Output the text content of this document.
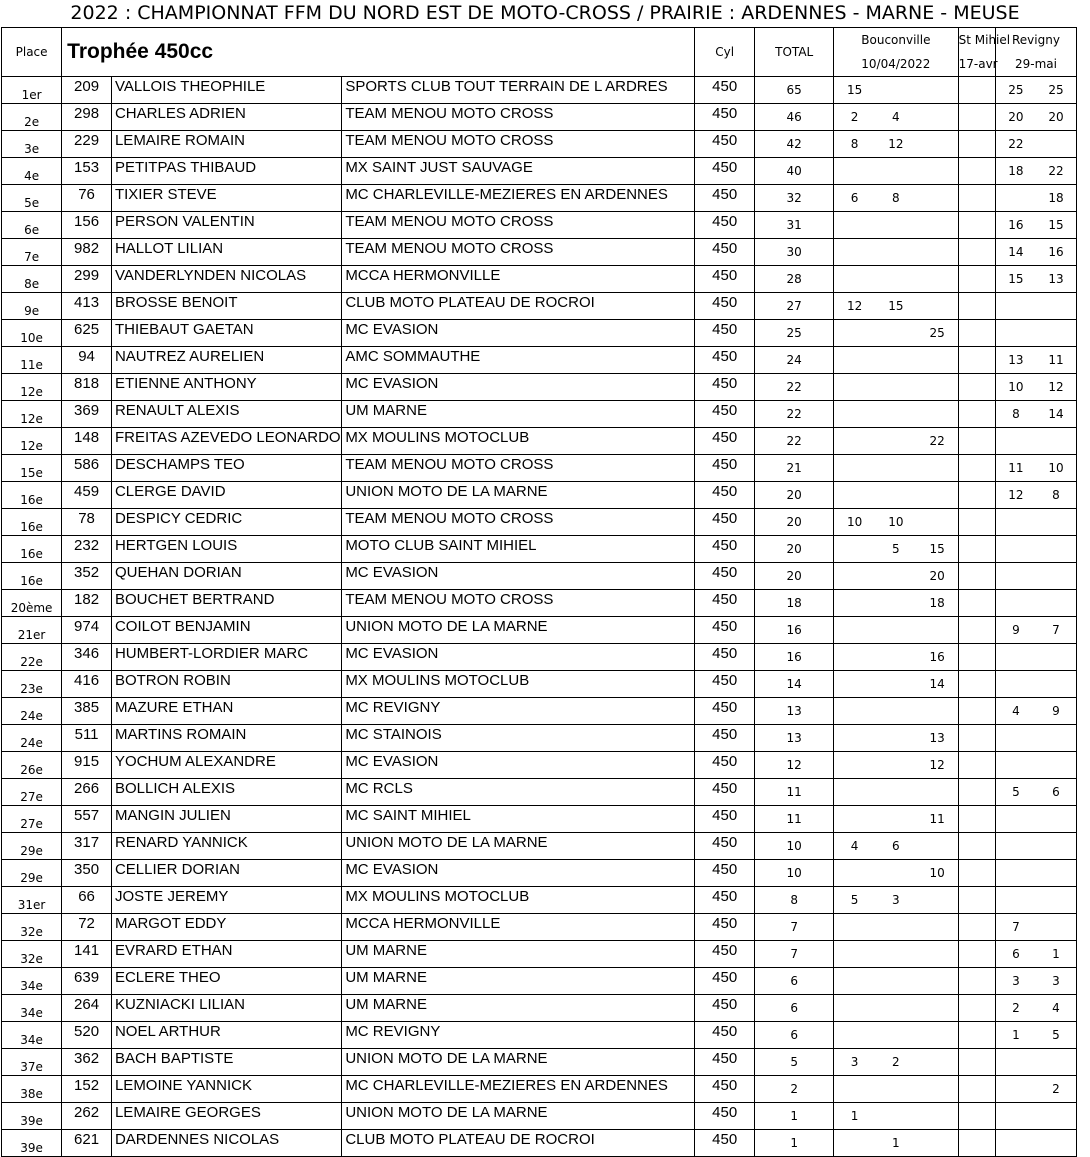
2022 : CHAMPIONNAT FFM DU NORD EST DE MOTO-CROSS / PRAIRIE : ARDENNES - MARNE - MEUSE
Place	Trophée 450cc			Cyl	TOTAL	Bouconville			St Mihiel	Revigny	
						10/04/2022			17-avr	29-mai	
1er	209	VALLOIS THEOPHILE	SPORTS CLUB TOUT TERRAIN DE L ARDRES	450	65	15				25	25
2e	298	CHARLES ADRIEN	TEAM MENOU MOTO CROSS	450	46	2	4			20	20
3e	229	LEMAIRE ROMAIN	TEAM MENOU MOTO CROSS	450	42	8	12			22	
4e	153	PETITPAS THIBAUD	MX SAINT JUST SAUVAGE	450	40					18	22
5e	76	TIXIER STEVE	MC CHARLEVILLE-MEZIERES EN ARDENNES	450	32	6	8				18
6e	156	PERSON VALENTIN	TEAM MENOU MOTO CROSS	450	31					16	15
7e	982	HALLOT LILIAN	TEAM MENOU MOTO CROSS	450	30					14	16
8e	299	VANDERLYNDEN NICOLAS	MCCA HERMONVILLE	450	28					15	13
9e	413	BROSSE BENOIT	CLUB MOTO PLATEAU DE ROCROI	450	27	12	15				
10e	625	THIEBAUT GAETAN	MC EVASION	450	25			25			
11e	94	NAUTREZ AURELIEN	AMC SOMMAUTHE	450	24					13	11
12e	818	ETIENNE ANTHONY	MC EVASION	450	22					10	12
12e	369	RENAULT ALEXIS	UM MARNE	450	22					8	14
12e	148	FREITAS AZEVEDO LEONARDO	MX MOULINS MOTOCLUB	450	22			22			
15e	586	DESCHAMPS TEO	TEAM MENOU MOTO CROSS	450	21					11	10
16e	459	CLERGE DAVID	UNION MOTO DE LA MARNE	450	20					12	8
16e	78	DESPICY CEDRIC	TEAM MENOU MOTO CROSS	450	20	10	10				
16e	232	HERTGEN LOUIS	MOTO CLUB SAINT MIHIEL	450	20		5	15			
16e	352	QUEHAN DORIAN	MC EVASION	450	20			20			
20ème	182	BOUCHET BERTRAND	TEAM MENOU MOTO CROSS	450	18			18			
21er	974	COILOT BENJAMIN	UNION MOTO DE LA MARNE	450	16					9	7
22e	346	HUMBERT-LORDIER MARC	MC EVASION	450	16			16			
23e	416	BOTRON ROBIN	MX MOULINS MOTOCLUB	450	14			14			
24e	385	MAZURE ETHAN	MC REVIGNY	450	13					4	9
24e	511	MARTINS ROMAIN	MC STAINOIS	450	13			13			
26e	915	YOCHUM ALEXANDRE	MC EVASION	450	12			12			
27e	266	BOLLICH ALEXIS	MC RCLS	450	11					5	6
27e	557	MANGIN JULIEN	MC SAINT MIHIEL	450	11			11			
29e	317	RENARD YANNICK	UNION MOTO DE LA MARNE	450	10	4	6				
29e	350	CELLIER DORIAN	MC EVASION	450	10			10			
31er	66	JOSTE JEREMY	MX MOULINS MOTOCLUB	450	8	5	3				
32e	72	MARGOT EDDY	MCCA HERMONVILLE	450	7					7	
32e	141	EVRARD ETHAN	UM MARNE	450	7					6	1
34e	639	ECLERE THEO	UM MARNE	450	6					3	3
34e	264	KUZNIACKI LILIAN	UM MARNE	450	6					2	4
34e	520	NOEL ARTHUR	MC REVIGNY	450	6					1	5
37e	362	BACH BAPTISTE	UNION MOTO DE LA MARNE	450	5	3	2				
38e	152	LEMOINE YANNICK	MC CHARLEVILLE-MEZIERES EN ARDENNES	450	2						2
39e	262	LEMAIRE GEORGES	UNION MOTO DE LA MARNE	450	1	1					
39e	621	DARDENNES NICOLAS	CLUB MOTO PLATEAU DE ROCROI	450	1		1				
